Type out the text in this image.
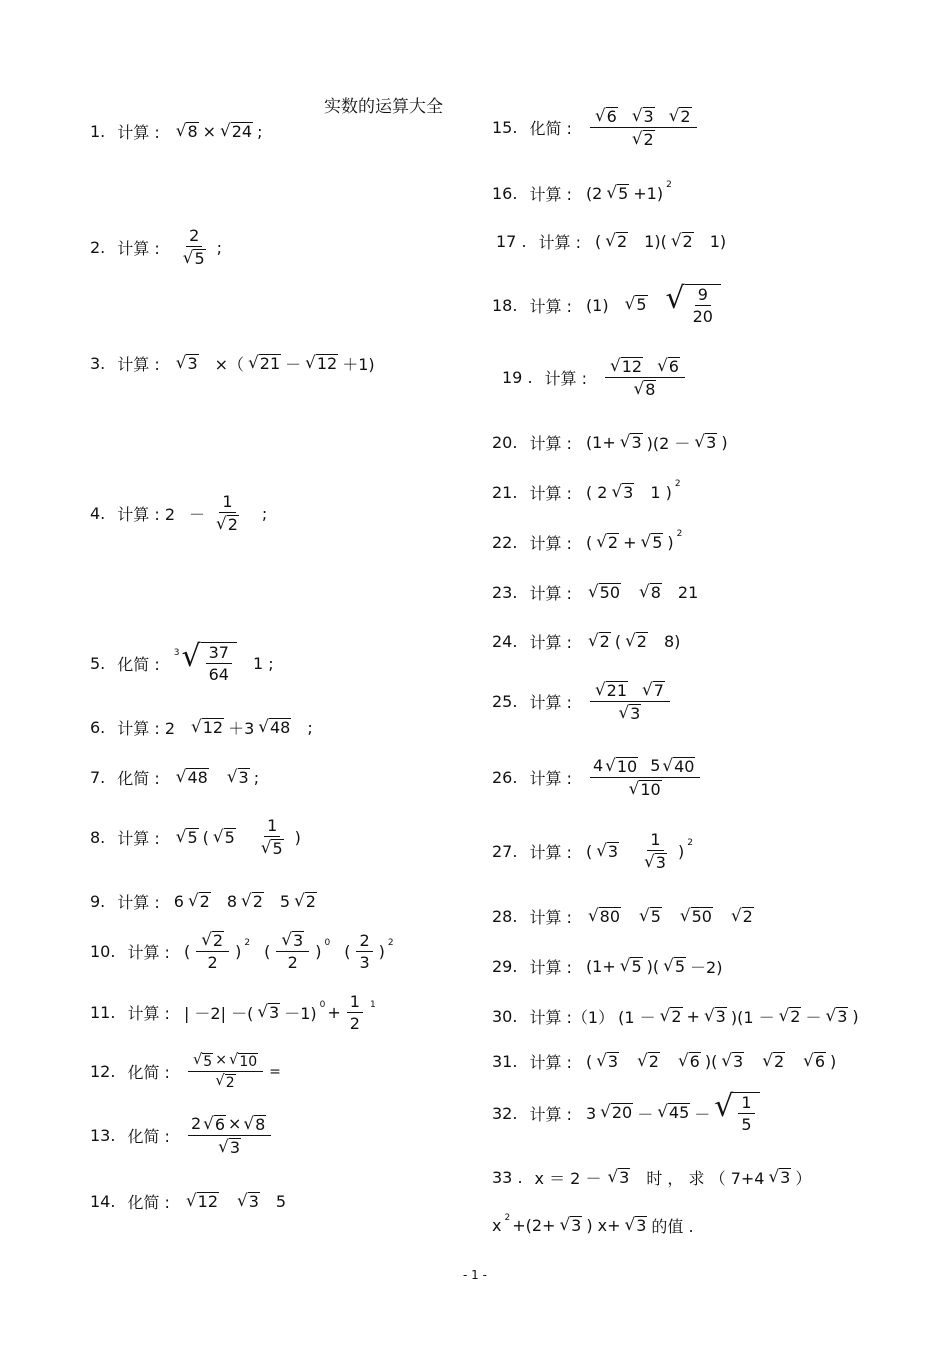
实数的运算大全
1. 计算 : √ 8 × √ 24 ;
2. 计算 :
2
√ 5
;
3. 计算 : √ 3 ×（ √ 21 － √ 12 ＋1)
4. 计算 : 2 －
1
√ 2
;
5. 化简 :
3 √ $\frac{37}{64} 1$ ;
6. 计算 : 2 √ 12 ＋3 √ 48 ;
7. 化简 : √ 48 √ 3 ;
8. 计算 : √ 5 ( √ 5
1
√ 5
)
9. 计算 : 6 √ 2 8 √ 2 5 √ 2
10. 计算 : (
√ 2
2
) $^2$ (
√ 3
2
) $^0$ (
2
3
) $^2$
11. 计算 : | －2| －( √ 3 －1) $^0$ +
1
2
$^1$
12. 化简 : $\frac{√ 5 \times √ 10}{√ 2}$ =
13. 化简 :
2 √ 6 × √ 8
√ 3
14. 化简 : √ 12 √ 3 5
15. 化简 :
√ 6 √ 3 √ 2
√ 2
16. 计算 : (2 √ 5 +1) $^2$
17 . 计算 : ( √ 2 1)( √ 2 1)
18. 计算 : (1) √ 5 √ $\frac{9}{20}$
19 . 计算 :
√ 12 √ 6
√ 8
20. 计算 : (1+ √ 3 )(2 － √ 3 )
21. 计算 : ( 2 √ 3 1 ) $^2$
22. 计算 : ( √ 2 + √ 5 ) $^2$
23. 计算 : √ 50 √ 8 21
24. 计算 : √ 2 ( √ 2 8)
25. 计算 :
√ 21 √ 7
√ 3
26. 计算 :
4 √ 10 5 √ 40
√ 10
27. 计算 : ( √ 3
1
√ 3
) $^2$
28. 计算 : √ 80 √ 5 √ 50 √ 2
29. 计算 : (1+ √ 5 )( √ 5 －2)
30. 计算 :（1） (1 － √ 2 + √ 3 )(1 － √ 2 － √ 3 )
31. 计算 : ( √ 3 √ 2 √ 6 )( √ 3 √ 2 √ 6 )
32. 计算 : 3 √ 20 － √ 45 － √ $\frac{1}{5}$
33 . x ＝ 2 － √ 3 时 ， 求 （ 7+4 √ 3 ）
x $^2$ +(2+ √ 3 ) x+ √ 3 的值 .
- 1 -
